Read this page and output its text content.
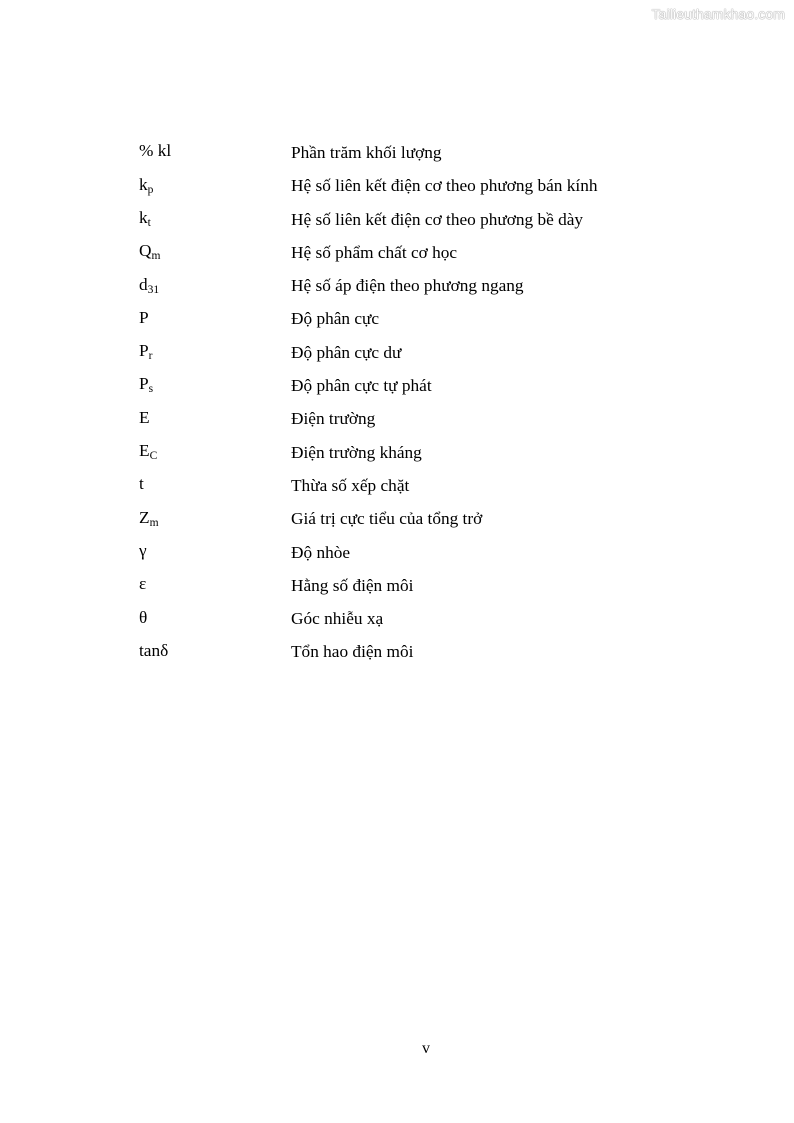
Tailieuthamkhao.com
% kl	Phần trăm khối lượng
$k_p$	Hệ số liên kết điện cơ theo phương bán kính
$k_t$	Hệ số liên kết điện cơ theo phương bề dày
$Q_m$	Hệ số phẩm chất cơ học
$d_{31}$	Hệ số áp điện theo phương ngang
P	Độ phân cực
$P_r$	Độ phân cực dư
$P_s$	Độ phân cực tự phát
E	Điện trường
$E_C$	Điện trường kháng
t	Thừa số xếp chặt
$Z_m$	Giá trị cực tiểu của tổng trở
γ	Độ nhòe
ε	Hằng số điện môi
θ	Góc nhiễu xạ
tanδ	Tổn hao điện môi
v
